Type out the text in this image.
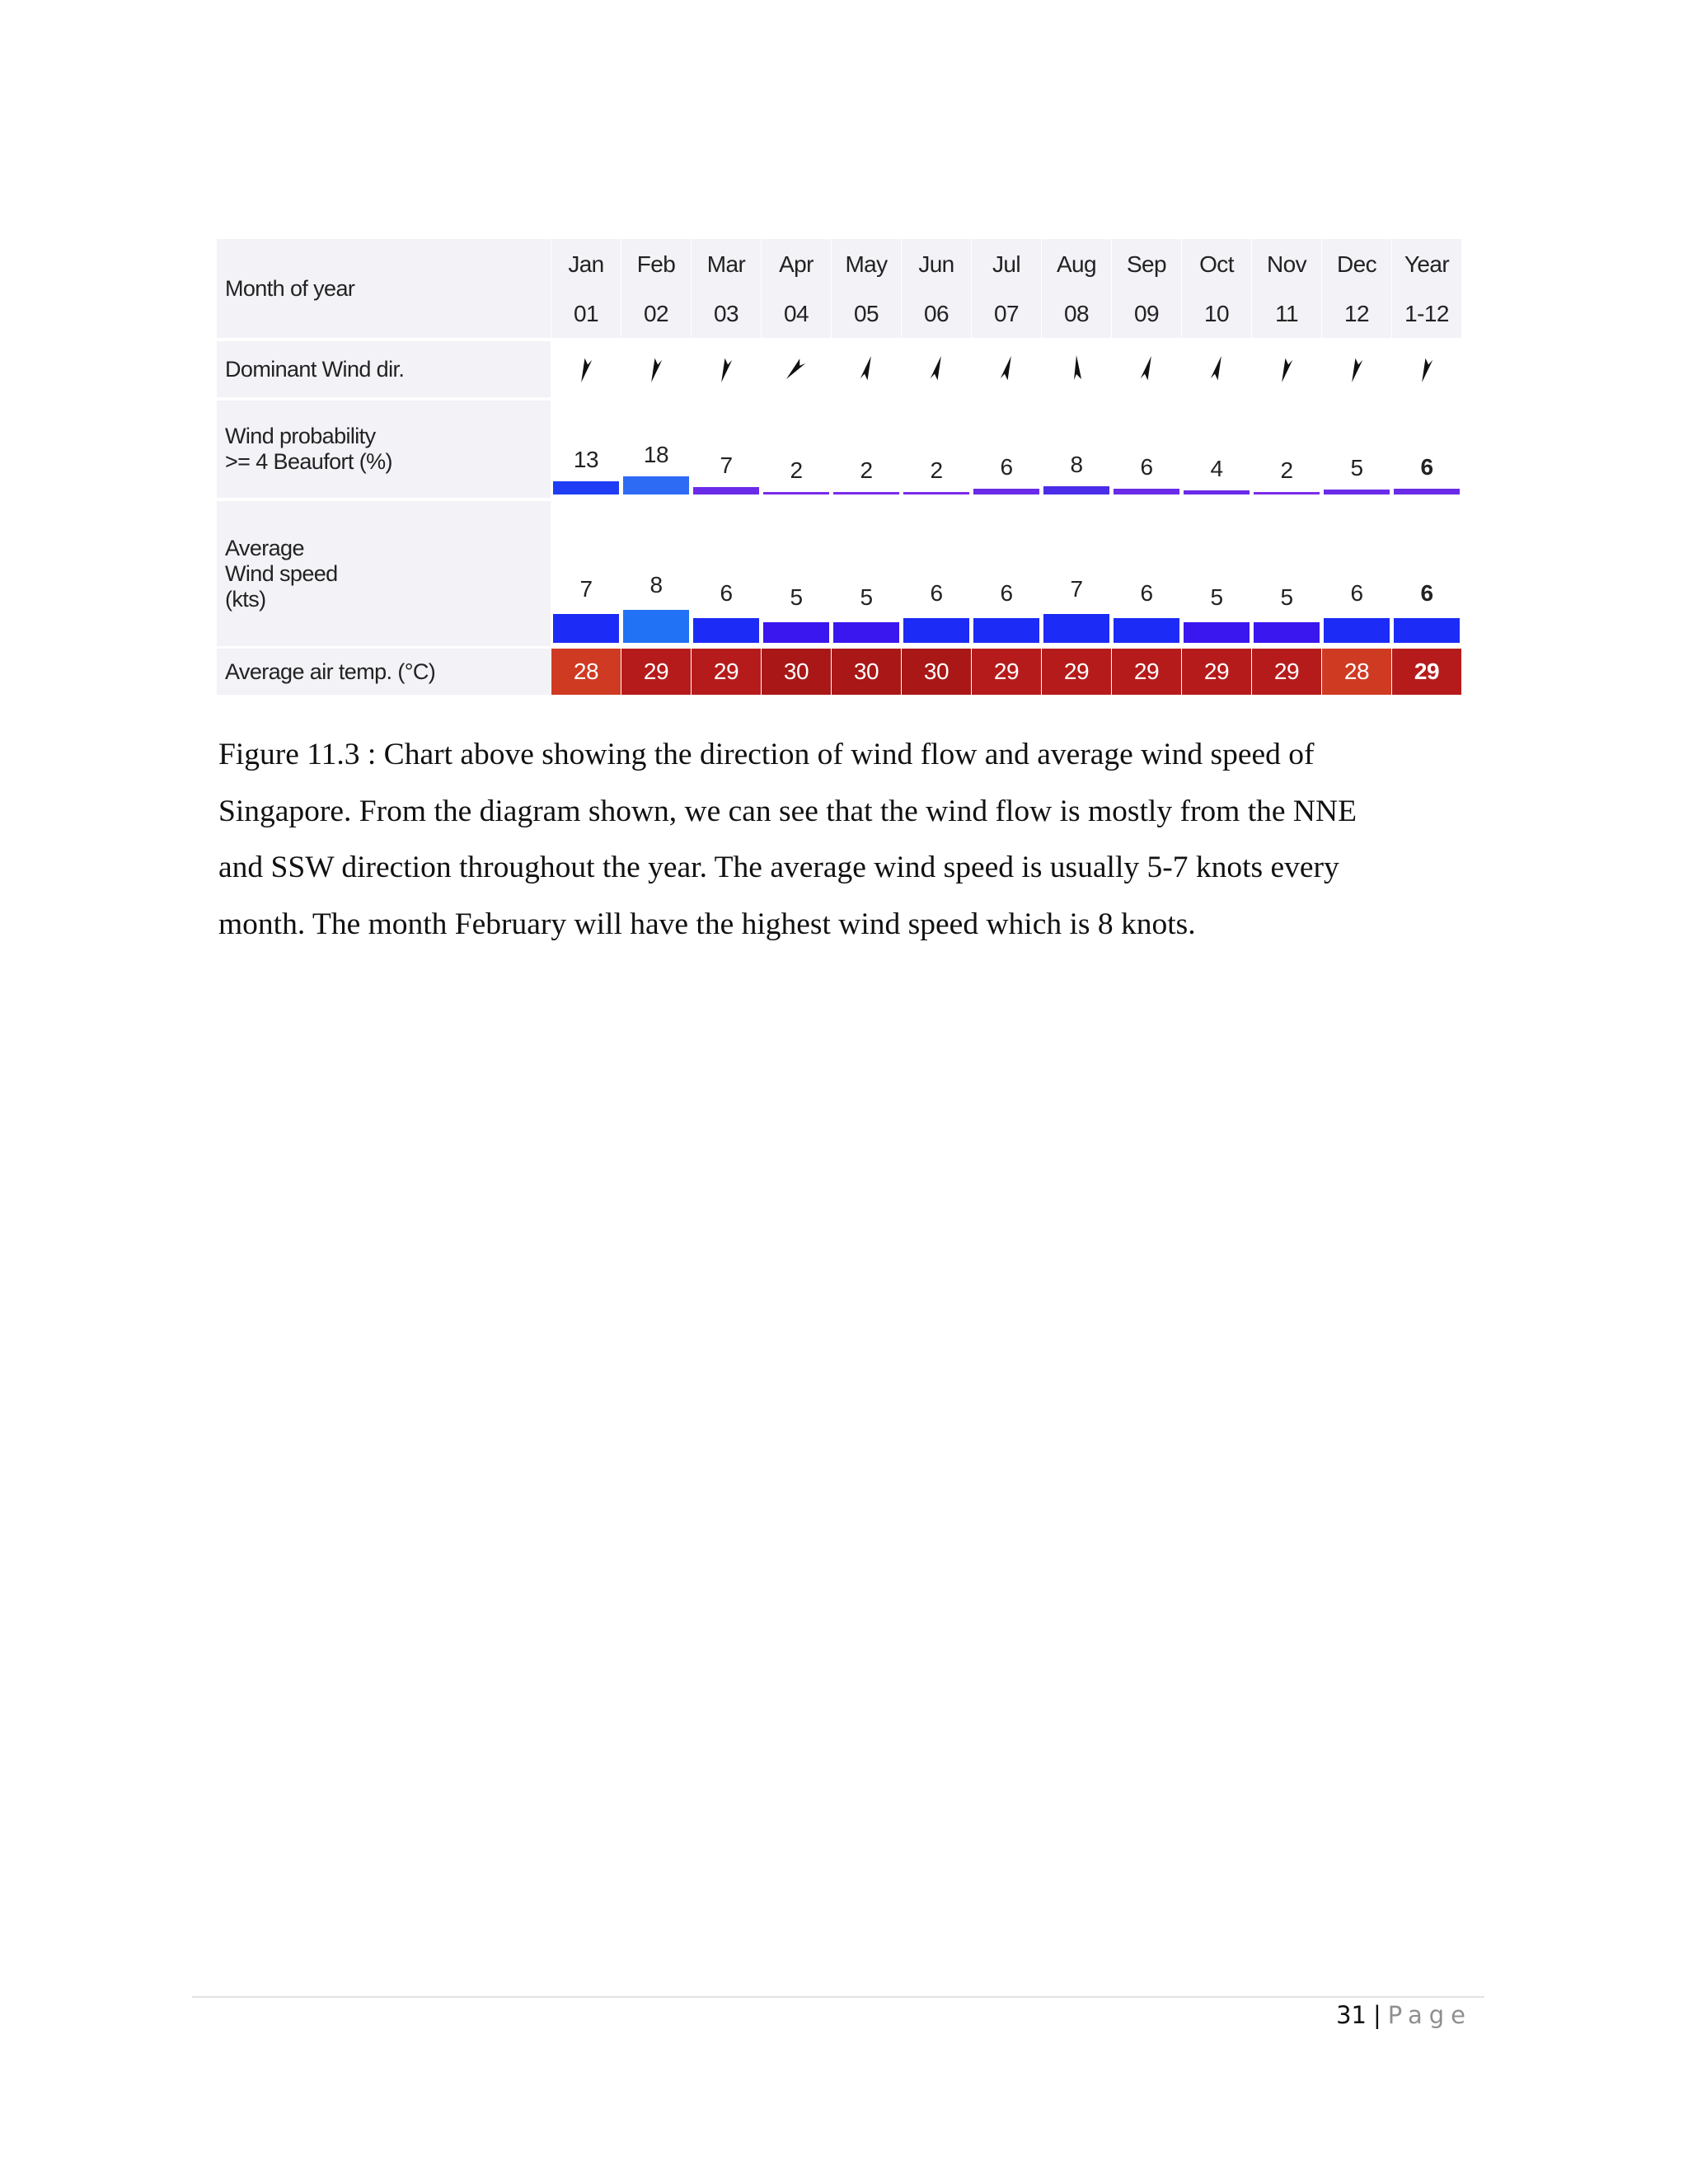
Month of year
Jan	Feb	Mar	Apr	May	Jun	Jul	Aug	Sep	Oct	Nov	Dec	Year
01	02	03	04	05	06	07	08	09	10	11	12	1-12
Dominant Wind dir.
Wind probability
>= 4 Beaufort (%)	13	18	7	2	2	2	6	8	6	4	2	5	6
Average
Wind speed
(kts)	7	8	6	5	5	6	6	7	6	5	5	6	6
Average air temp. (°C)	28	29	29	30	30	30	29	29	29	29	29	28	29

Figure 11.3 : Chart above showing the direction of wind flow and average wind speed of

Singapore. From the diagram shown, we can see that the wind flow is mostly from the NNE

and SSW direction throughout the year. The average wind speed is usually 5-7 knots every

month. The month February will have the highest wind speed which is 8 knots.

31 | Page
